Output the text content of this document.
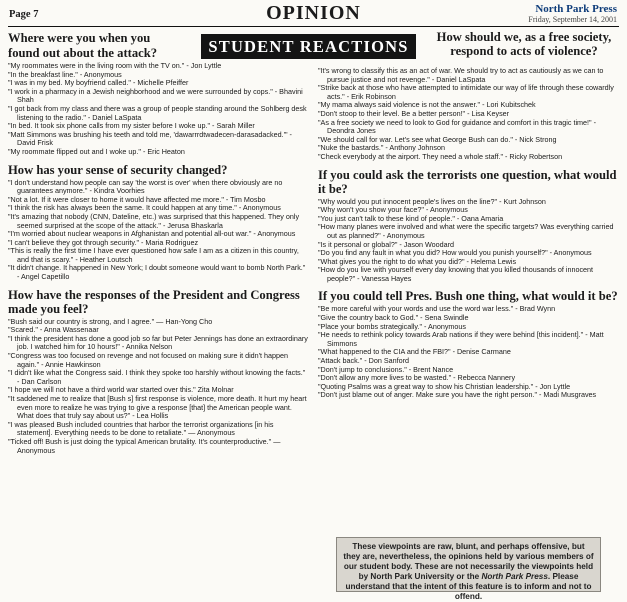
Page 7	OPINION	North Park Press
Friday, September 14, 2001
STUDENT REACTIONS	How should we, as a free society, respond to acts of violence?
Where were you when you
found out about the attack?
"My roommates were in the living room with the TV on." - Jon Lyttle
"In the breakfast line." - Anonymous
"I was in my bed. My boyfriend called." - Michelle Pfeiffer
"I work in a pharmacy in a Jewish neighborhood and we were surrounded by cops." - Bhavini Shah
"I got back from my class and there was a group of people standing around the Sohlberg desk listening to the radio." - Daniel LaSpata
"In bed. It took six phone calls from my sister before I woke up." - Sarah Miller
"Matt Simmons was brushing his teeth and told me, 'dawarrrdtwadecen-darasadacked.'" - David Frisk
"My roommate flipped out and I woke up." - Eric Heaton
How has your sense of security changed?
"I don't understand how people can say 'the worst is over' when there obviously are no guarantees anymore." - Kindra Voorhies
"Not a lot. If it were closer to home it would have affected me more." - Tim Mosbo
"I think the risk has always been the same. It could happen at any time." - Anonymous
"It's amazing that nobody (CNN, Dateline, etc.) was surprised that this happened. They only seemed surprised at the scope of the attack." - Jerusa Bhaskarla
"I'm worried about nuclear weapons in Afghanistan and potential all-out war." - Anonymous
"I can't believe they got through security." - Maria Rodriguez
"This is really the first time I have ever questioned how safe I am as a citizen in this country, and that is scary." - Heather Loutsch
"It didn't change. It happened in New York; I doubt someone would want to bomb North Park." - Angel Capetillo
How have the responses of the President and Congress made you feel?
"Bush said our country is strong, and I agree." — Han-Yong Cho
"Scared." - Anna Wassenaar
"I think the president has done a good job so far but Peter Jennings has done an extraordinary job. I watched him for 10 hours!" - Annika Nelson
"Congress was too focused on revenge and not focused on making sure it didn't happen again." - Annie Hawkinson
"I didn't like what the Congress said. I think they spoke too harshly without knowing the facts." - Dan Carlson
"I hope we will not have a third world war started over this." Zita Molnar
"It saddened me to realize that [Bush s] first response is violence, more death. It hurt my heart even more to realize he was trying to give a response [that] the American people want. What does that truly say about us?" - Lea Hollis
"I was pleased Bush included countries that harbor the terrorist organizations [in his statement]. Everything needs to be done to retaliate." — Anonymous
"Ticked off! Bush is just doing the typical American brutality. It's counterproductive." — Anonymous
"It's wrong to classify this as an act of war. We should try to act as cautiously as we can to pursue justice and not revenge." - Daniel LaSpata
"Strike back at those who have attempted to intimidate our way of life through these cowardly acts." - Erik Robinson
"My mama always said violence is not the answer." - Lori Kubitschek
"Don't stoop to their level. Be a better person!" - Lisa Keyser
"As a free society we need to look to God for guidance and comfort in this tragic time!" - Deondra Jones
"We should call for war. Let's see what George Bush can do." - Nick Strong
"Nuke the bastards." - Anthony Johnson
"Check everybody at the airport. They need a whole staff." - Ricky Robertson
If you could ask the terrorists one question, what would it be?
"Why would you put innocent people's lives on the line?" - Kurt Johnson
"Why won't you show your face?" - Anonymous
"You just can't talk to these kind of people." - Oana Amaria
"How many planes were involved and what were the specific targets? Was everything carried out as planned?" - Anonymous
"Is it personal or global?" - Jason Woodard
"Do you find any fault in what you did? How would you punish yourself?" - Anonymous
"What gives you the right to do what you did?" - Helema Lewis
"How do you live with yourself every day knowing that you killed thousands of innocent people?" - Vanessa Hayes
If you could tell Pres. Bush one thing, what would it be?
"Be more careful with your words and use the word war less." - Brad Wynn
"Give the country back to God." - Sena Swindle
"Place your bombs strategically." - Anonymous
"He needs to rethink policy towards Arab nations if they were behind [this incident]." - Matt Simmons
"What happened to the CIA and the FBI?" - Denise Carmane
"Attack back." - Don Sanford
"Don't jump to conclusions." - Brent Nance
"Don't allow any more lives to be wasted." - Rebecca Nannery
"Quoting Psalms was a great way to show his Christian leadership." - Jon Lyttle
"Don't just blame out of anger. Make sure you have the right person." - Madi Musgraves
These viewpoints are raw, blunt, and perhaps offensive, but they are, nevertheless, the opinions held by various members of our student body. These are not necessarily the viewpoints held by North Park University or the North Park Press. Please understand that the intent of this feature is to inform and not to offend.
